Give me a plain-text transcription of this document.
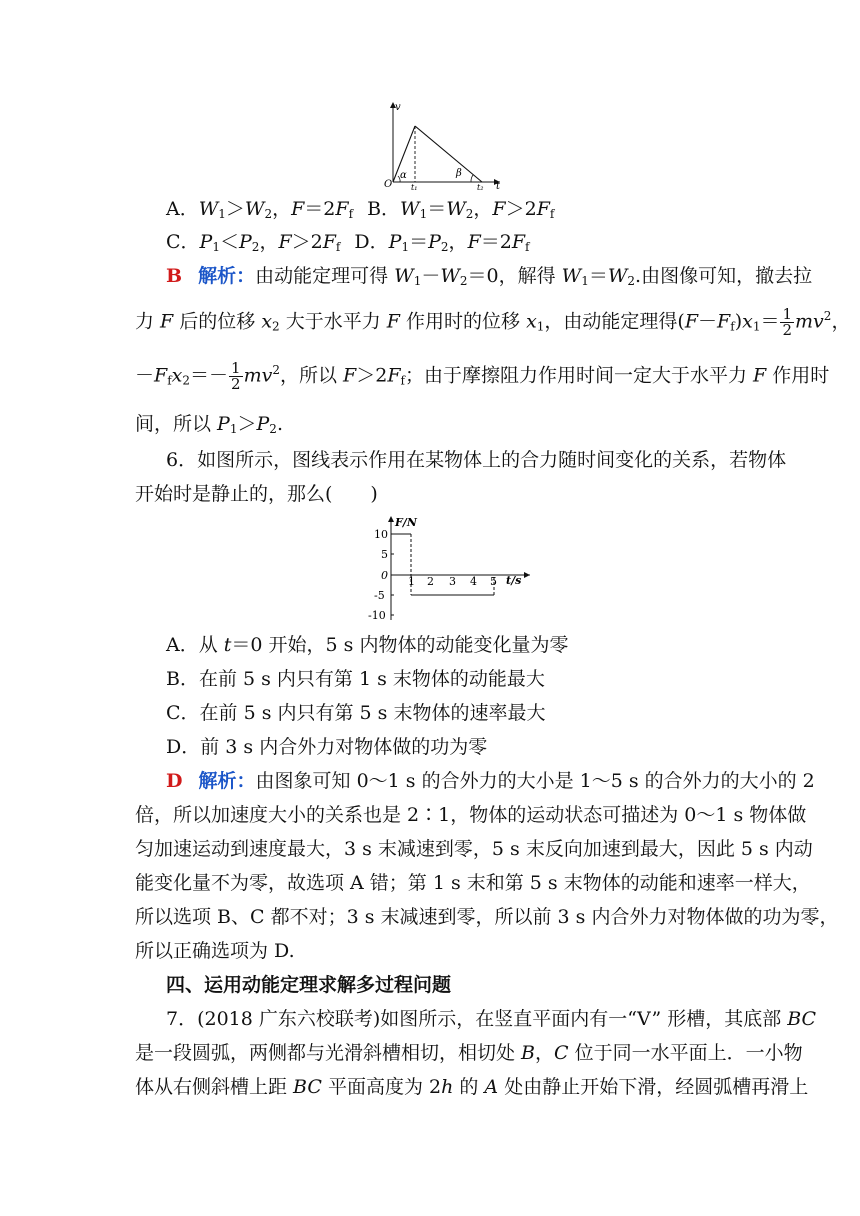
v
O
α	β
t₁	t₂ t
A．$W_1>W_2$，$F=2F_f$ B．$W_1=W_2$，$F>2F_f$
C．$P_1<P_2$，$F>2F_f$ D．$P_1=P_2$，$F=2F_f$
B 解析：由动能定理可得 $W_1-W_2=0$，解得 $W_1=W_2$.由图像可知，撤去拉
力 F 后的位移 $x_2$ 大于水平力 F 作用时的位移 $x_1$，由动能定理得$(F-F_f)x_1= \frac{1}{2} mv^2$，
$-F_fx_2=- \frac{1}{2} mv^2$，所以 $F>2F_f$；由于摩擦阻力作用时间一定大于水平力 F 作用时
间，所以 $P_1>P_2$.
6．如图所示，图线表示作用在某物体上的合力随时间变化的关系，若物体
开始时是静止的，那么(　　)
F/N
t/s
10
5
0
-5
-10
1 2 3 4 5
A．从 t＝0 开始，5 s 内物体的动能变化量为零
B．在前 5 s 内只有第 1 s 末物体的动能最大
C．在前 5 s 内只有第 5 s 末物体的速率最大
D．前 3 s 内合外力对物体做的功为零
D 解析：由图象可知 0～1 s 的合外力的大小是 1～5 s 的合外力的大小的 2
倍，所以加速度大小的关系也是 2∶1，物体的运动状态可描述为 0～1 s 物体做
匀加速运动到速度最大，3 s 末减速到零，5 s 末反向加速到最大，因此 5 s 内动
能变化量不为零，故选项 A 错；第 1 s 末和第 5 s 末物体的动能和速率一样大，
所以选项 B、C 都不对；3 s 末减速到零，所以前 3 s 内合外力对物体做的功为零，
所以正确选项为 D.
四、运用动能定理求解多过程问题
7．(2018 广东六校联考)如图所示，在竖直平面内有一“V” 形槽，其底部 BC
是一段圆弧，两侧都与光滑斜槽相切，相切处 B，C 位于同一水平面上．一小物
体从右侧斜槽上距 BC 平面高度为 2h 的 A 处由静止开始下滑，经圆弧槽再滑上
